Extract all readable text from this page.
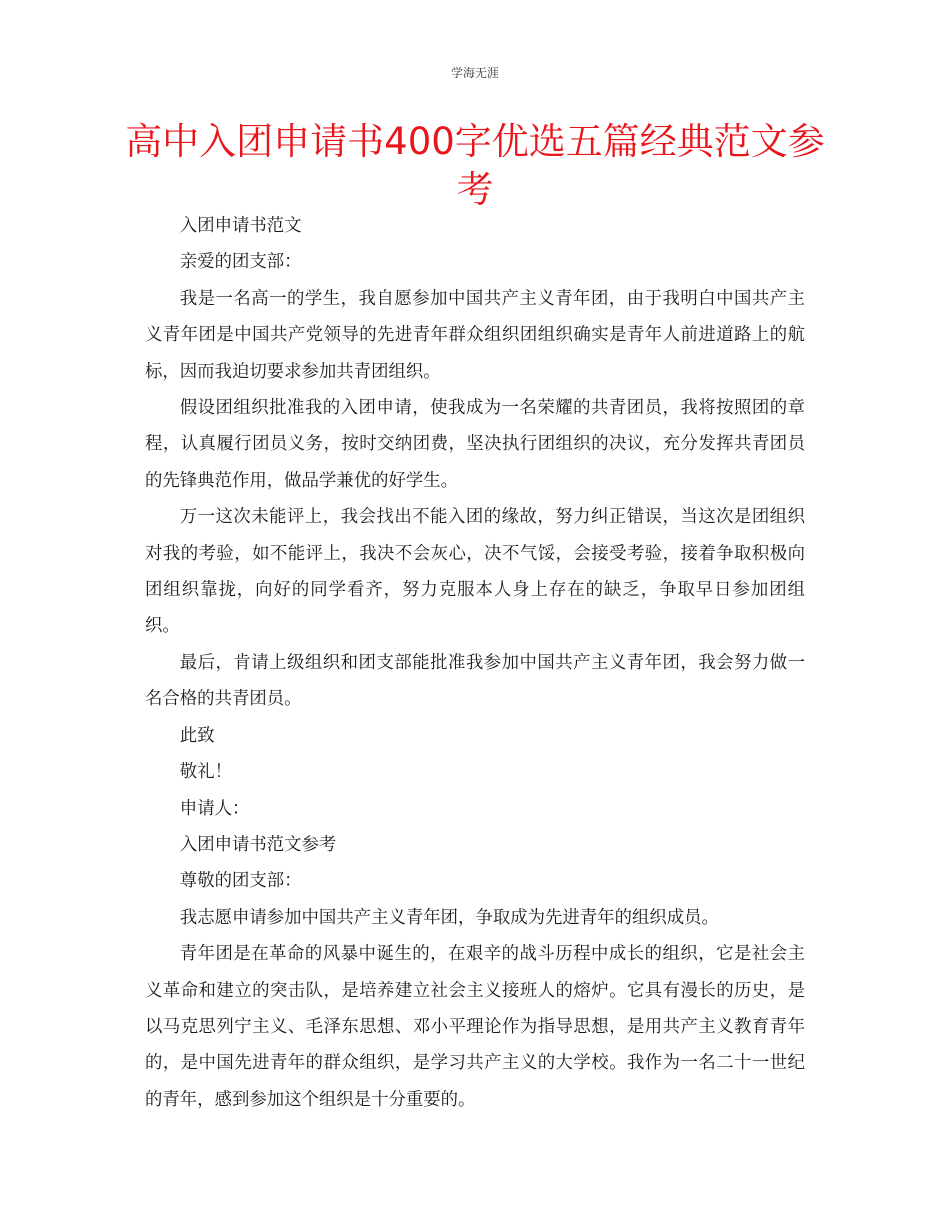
学海无涯
高中入团申请书400字优选五篇经典范文参考

入团申请书范文

亲爱的团支部：

我是一名高一的学生，我自愿参加中国共产主义青年团，由于我明白中国共产主义青年团是中国共产党领导的先进青年群众组织团组织确实是青年人前进道路上的航标，因而我迫切要求参加共青团组织。

假设团组织批准我的入团申请，使我成为一名荣耀的共青团员，我将按照团的章程，认真履行团员义务，按时交纳团费，坚决执行团组织的决议，充分发挥共青团员的先锋典范作用，做品学兼优的好学生。

万一这次未能评上，我会找出不能入团的缘故，努力纠正错误，当这次是团组织对我的考验，如不能评上，我决不会灰心，决不气馁，会接受考验，接着争取积极向团组织靠拢，向好的同学看齐，努力克服本人身上存在的缺乏，争取早日参加团组织。

最后，肯请上级组织和团支部能批准我参加中国共产主义青年团，我会努力做一名合格的共青团员。

此致

敬礼！

申请人：

入团申请书范文参考

尊敬的团支部：

我志愿申请参加中国共产主义青年团，争取成为先进青年的组织成员。

青年团是在革命的风暴中诞生的，在艰辛的战斗历程中成长的组织，它是社会主义革命和建立的突击队，是培养建立社会主义接班人的熔炉。它具有漫长的历史，是以马克思列宁主义、毛泽东思想、邓小平理论作为指导思想，是用共产主义教育青年的，是中国先进青年的群众组织，是学习共产主义的大学校。我作为一名二十一世纪的青年，感到参加这个组织是十分重要的。
